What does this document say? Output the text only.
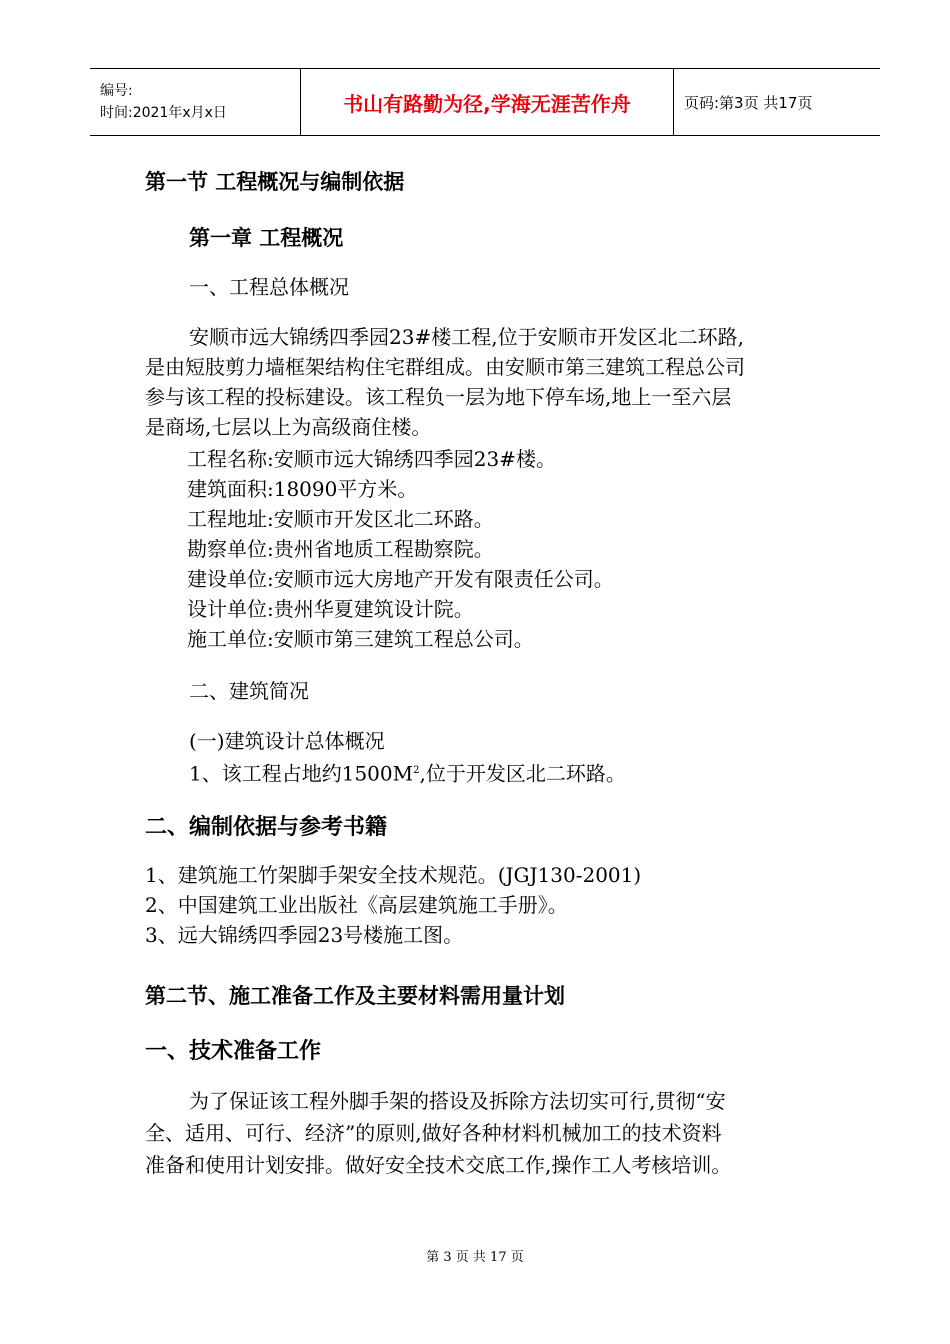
编号:
时间:2021年x月x日	书山有路勤为径,学海无涯苦作舟	页码:第3页 共17页
第一节 工程概况与编制依据
第一章 工程概况
一、工程总体概况
安顺市远大锦绣四季园23#楼工程,位于安顺市开发区北二环路,
是由短肢剪力墙框架结构住宅群组成。由安顺市第三建筑工程总公司
参与该工程的投标建设。该工程负一层为地下停车场,地上一至六层
是商场,七层以上为高级商住楼。
工程名称:安顺市远大锦绣四季园23#楼。
建筑面积:18090平方米。
工程地址:安顺市开发区北二环路。
勘察单位:贵州省地质工程勘察院。
建设单位:安顺市远大房地产开发有限责任公司。
设计单位:贵州华夏建筑设计院。
施工单位:安顺市第三建筑工程总公司。
二、建筑简况
(一)建筑设计总体概况
1、该工程占地约$1500M^2$,位于开发区北二环路。
二、编制依据与参考书籍
1、建筑施工竹架脚手架安全技术规范。(JGJ130-2001)
2、中国建筑工业出版社《高层建筑施工手册》。
3、远大锦绣四季园23号楼施工图。
第二节、施工准备工作及主要材料需用量计划
一、技术准备工作
为了保证该工程外脚手架的搭设及拆除方法切实可行,贯彻“安
全、适用、可行、经济”的原则,做好各种材料机械加工的技术资料
准备和使用计划安排。做好安全技术交底工作,操作工人考核培训。
第 3 页 共 17 页
